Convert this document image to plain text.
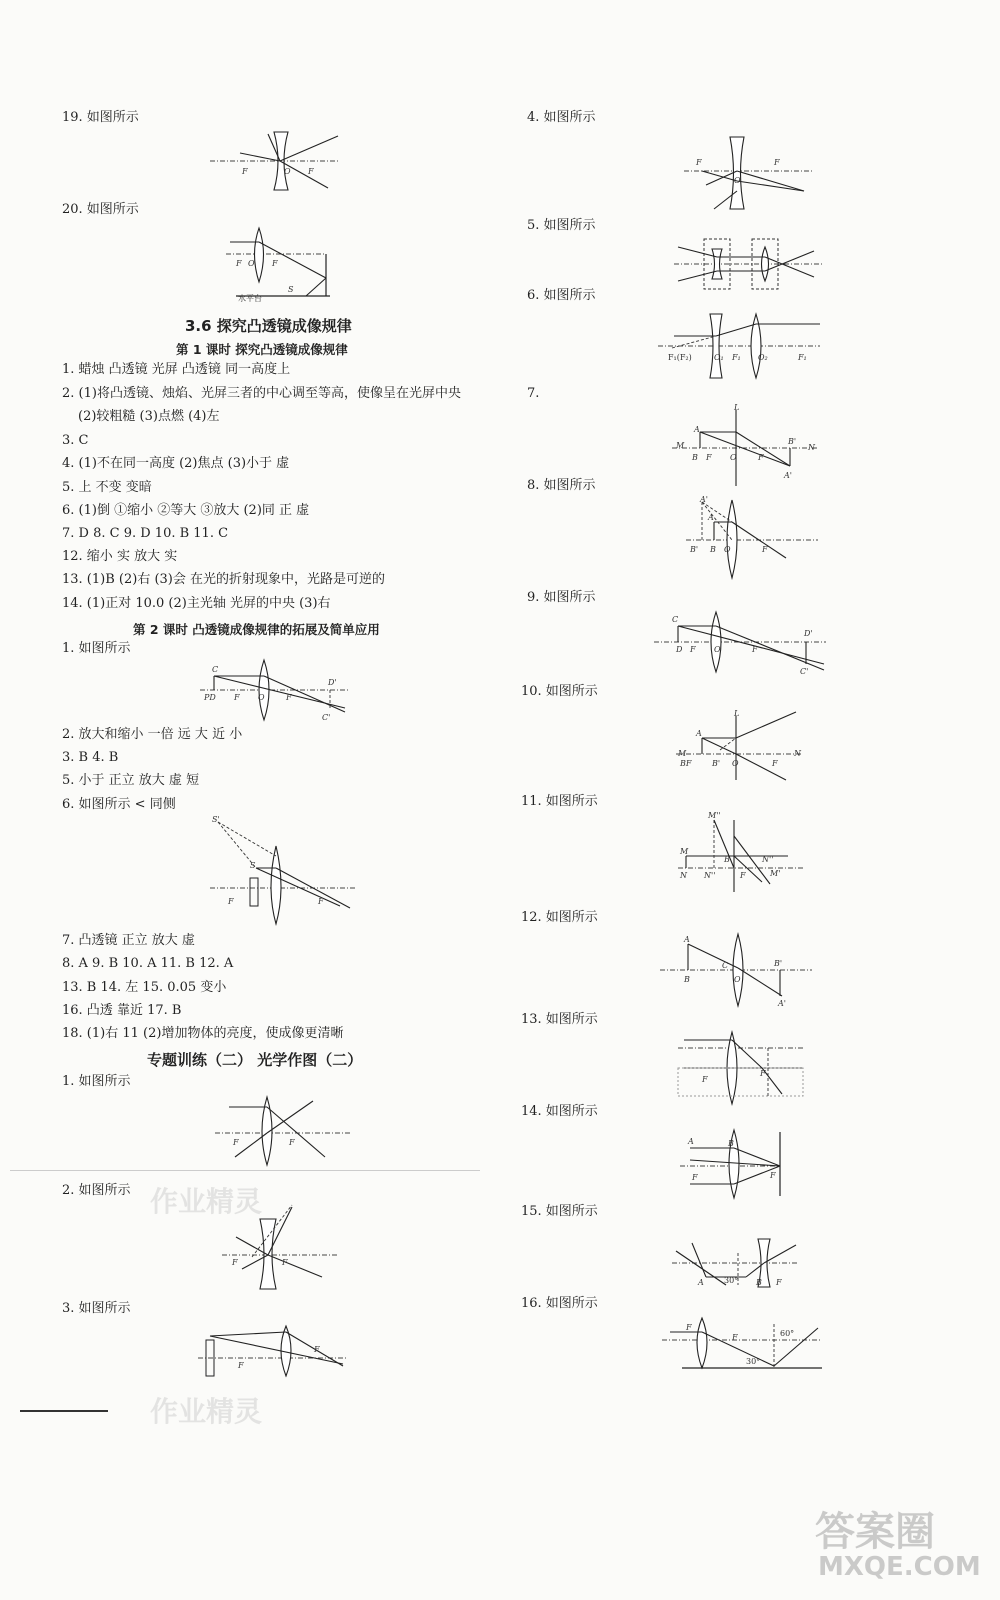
19. 如图所示
F	O F
20. 如图所示
F O F
S
水平台
3.6 探究凸透镜成像规律
第 1 课时 探究凸透镜成像规律
1. 蜡烛 凸透镜 光屏 凸透镜 同一高度上
2. (1)将凸透镜、烛焰、光屏三者的中心调至等高，使像呈在光屏中央
(2)较粗糙 (3)点燃 (4)左
3. C
4. (1)不在同一高度 (2)焦点 (3)小于 虚
5. 上 不变 变暗
6. (1)倒 ①缩小 ②等大 ③放大 (2)同 正 虚
7. D 8. C 9. D 10. B 11. C
12. 缩小 实 放大 实
13. (1)B (2)右 (3)会 在光的折射现象中，光路是可逆的
14. (1)正对 10.0 (2)主光轴 光屏的中央 (3)右
第 2 课时 凸透镜成像规律的拓展及简单应用
1. 如图所示
PD
C
F O	F
D'
C'
2. 放大和缩小 一倍 远 大 近 小
3. B 4. B
5. 小于 正立 放大 虚 短
6. 如图所示 < 同侧
S'
S
F	F
7. 凸透镜 正立 放大 虚
8. A 9. B 10. A 11. B 12. A
13. B 14. 左 15. 0.05 变小
16. 凸透 靠近 17. B
18. (1)右 11 (2)增加物体的亮度，使成像更清晰
专题训练（二） 光学作图（二）
1. 如图所示
F	F
2. 如图所示
F	F
3. 如图所示
F
F
4. 如图所示
F	F
O
5. 如图所示
6. 如图所示
F₁(F₂)	O₁ F₁ O₂	F₁
7.
L
M
A
B F O	F
B'
N
A'
8. 如图所示
A'
A
B' B O	F
9. 如图所示
C
D F O	F
D'
C'
10. 如图所示
L
M
A
BF	B' O	F
N
11. 如图所示
M''
M
N N''
B
F
N''
M'
12. 如图所示
A
B
C
O
B'
A'
13. 如图所示
F
F
14. 如图所示
A	B
F	F
15. 如图所示
A	30° B F
16. 如图所示
F
F
30°
60°
作业精灵
作业精灵
答案圈
MXQE.COM
